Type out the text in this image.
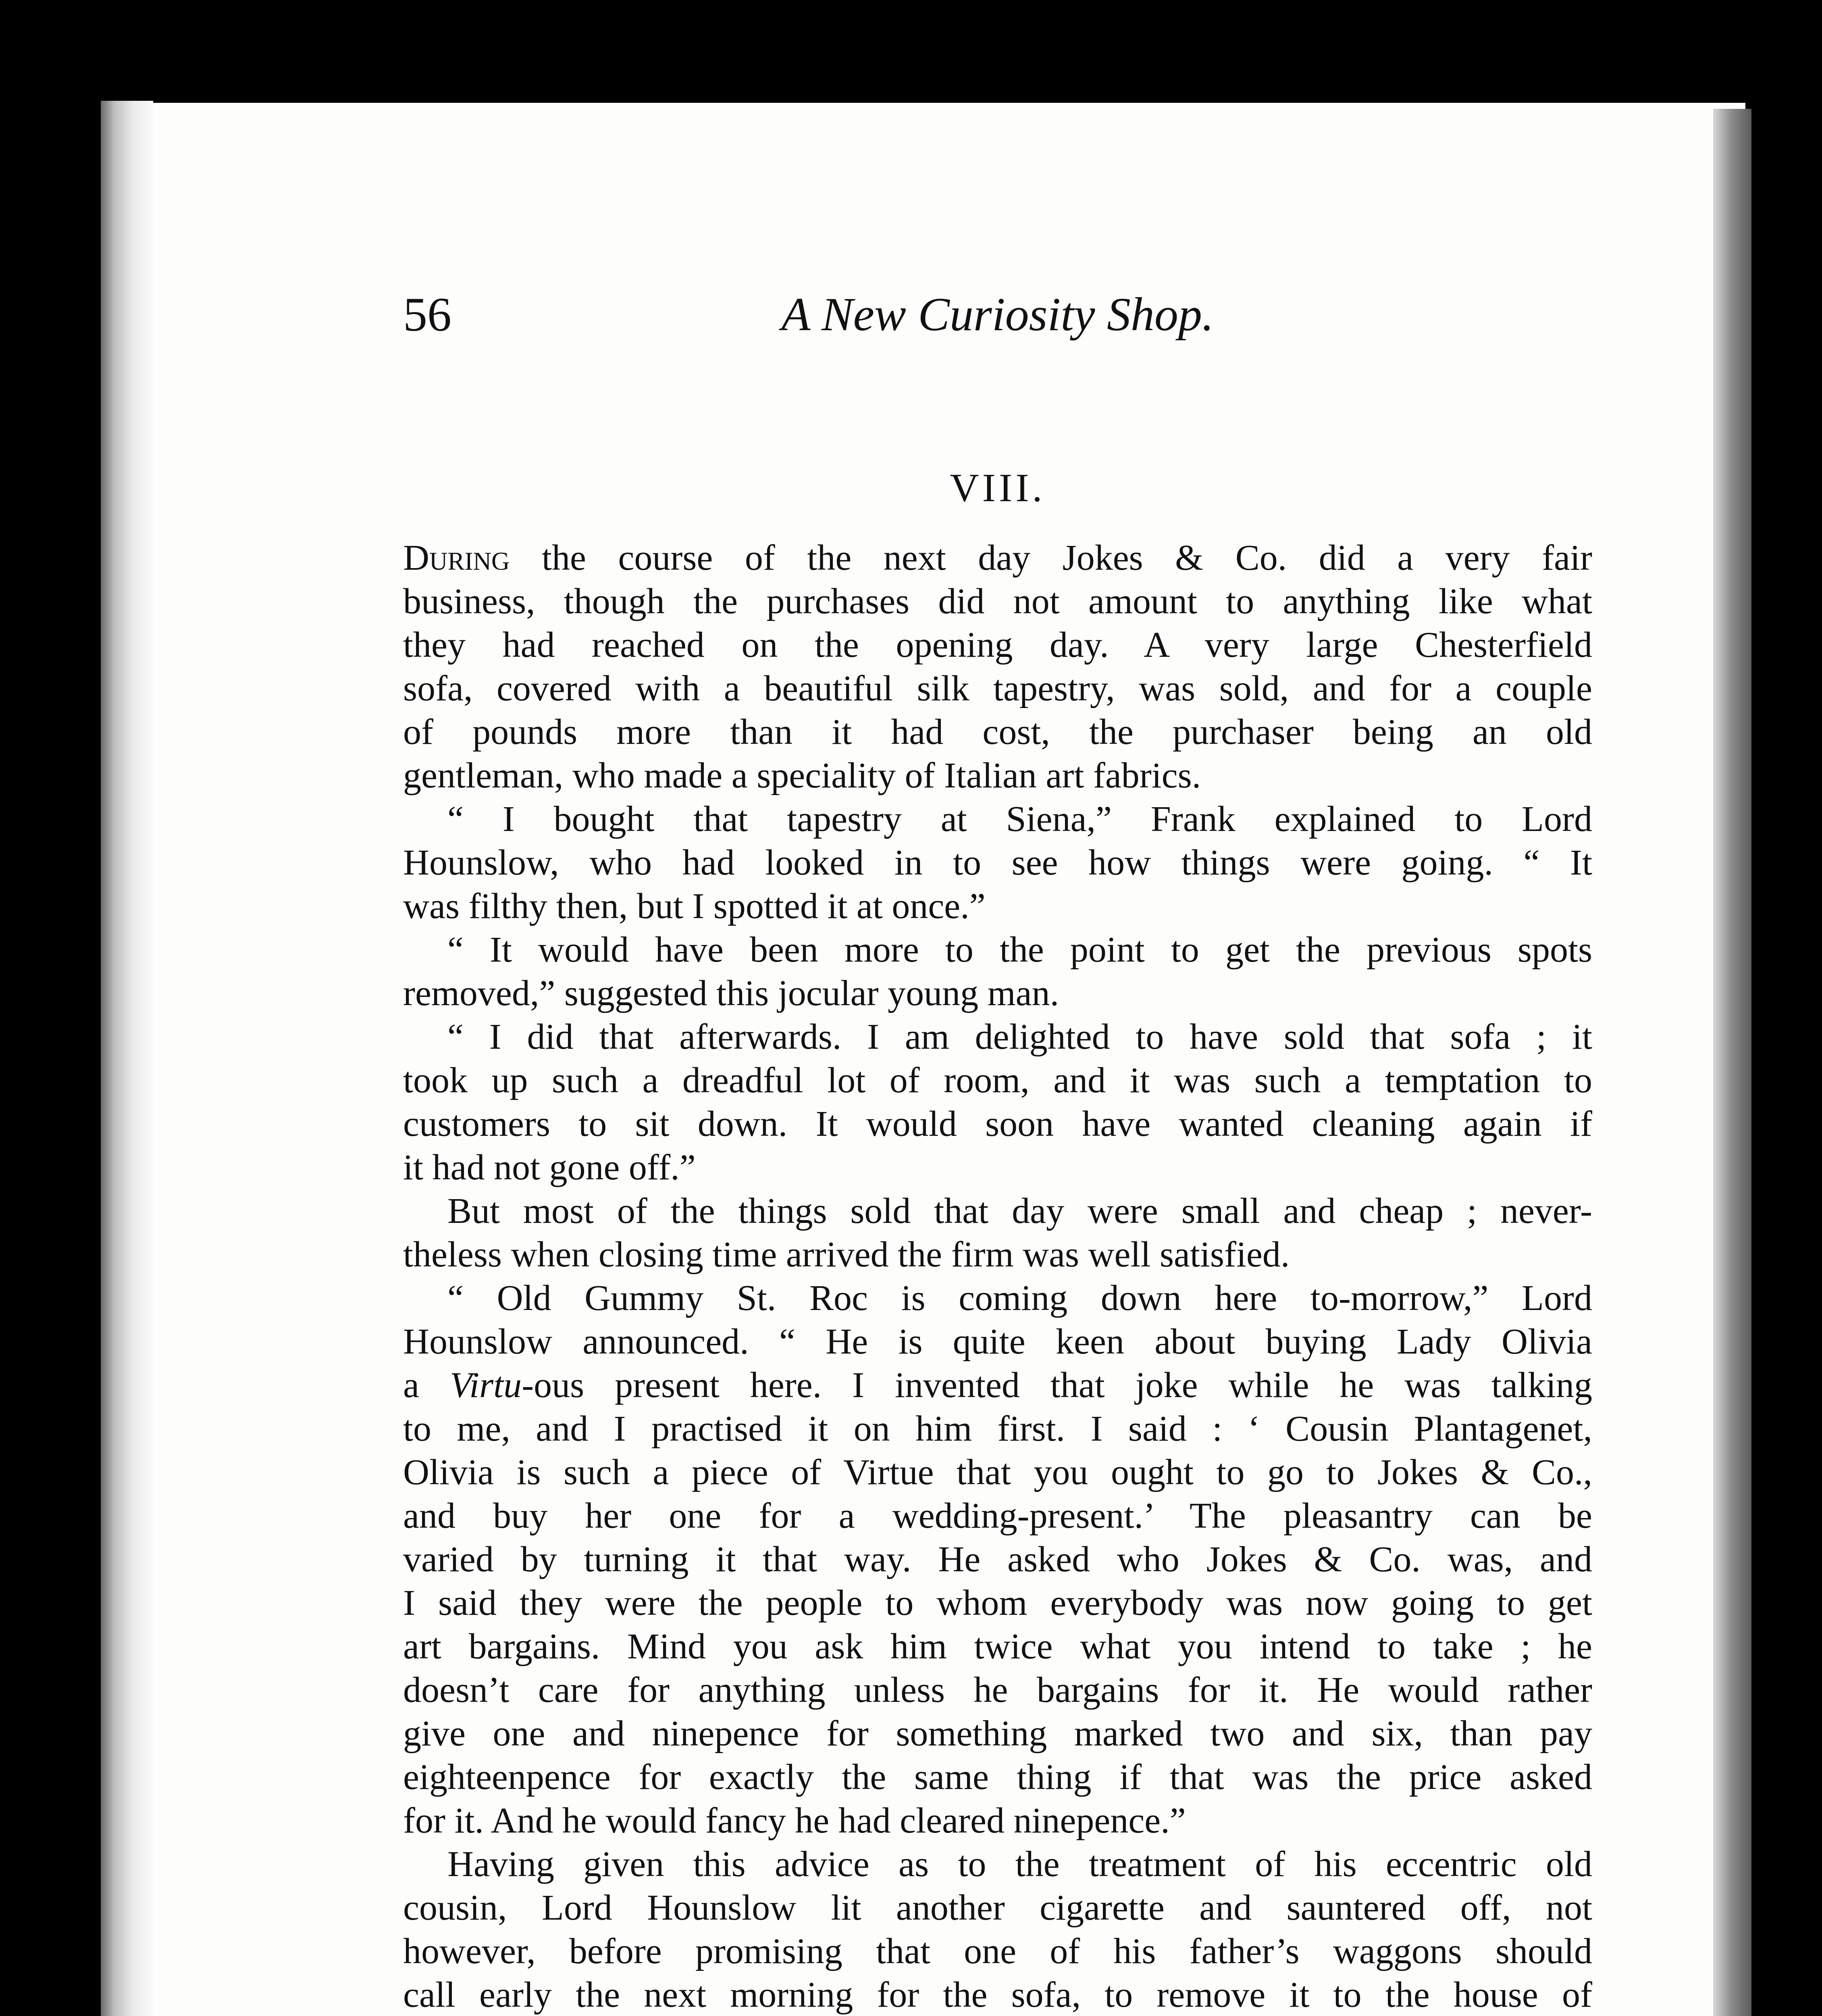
56	A New Curiosity Shop.
VIII.
During the course of the next day Jokes & Co. did a very fair
business, though the purchases did not amount to anything like what
they had reached on the opening day. A very large Chesterfield
sofa, covered with a beautiful silk tapestry, was sold, and for a couple
of pounds more than it had cost, the purchaser being an old
gentleman, who made a speciality of Italian art fabrics.
“ I bought that tapestry at Siena,” Frank explained to Lord
Hounslow, who had looked in to see how things were going. “ It
was filthy then, but I spotted it at once.”
“ It would have been more to the point to get the previous spots
removed,” suggested this jocular young man.
“ I did that afterwards. I am delighted to have sold that sofa ; it
took up such a dreadful lot of room, and it was such a temptation to
customers to sit down. It would soon have wanted cleaning again if
it had not gone off.”
But most of the things sold that day were small and cheap ; never-
theless when closing time arrived the firm was well satisfied.
“ Old Gummy St. Roc is coming down here to-morrow,” Lord
Hounslow announced. “ He is quite keen about buying Lady Olivia
a Virtu-ous present here. I invented that joke while he was talking
to me, and I practised it on him first. I said : ‘ Cousin Plantagenet,
Olivia is such a piece of Virtue that you ought to go to Jokes & Co.,
and buy her one for a wedding-present.’ The pleasantry can be
varied by turning it that way. He asked who Jokes & Co. was, and
I said they were the people to whom everybody was now going to get
art bargains. Mind you ask him twice what you intend to take ; he
doesn’t care for anything unless he bargains for it. He would rather
give one and ninepence for something marked two and six, than pay
eighteenpence for exactly the same thing if that was the price asked
for it. And he would fancy he had cleared ninepence.”
Having given this advice as to the treatment of his eccentric old
cousin, Lord Hounslow lit another cigarette and sauntered off, not
however, before promising that one of his father’s waggons should
call early the next morning for the sofa, to remove it to the house of
